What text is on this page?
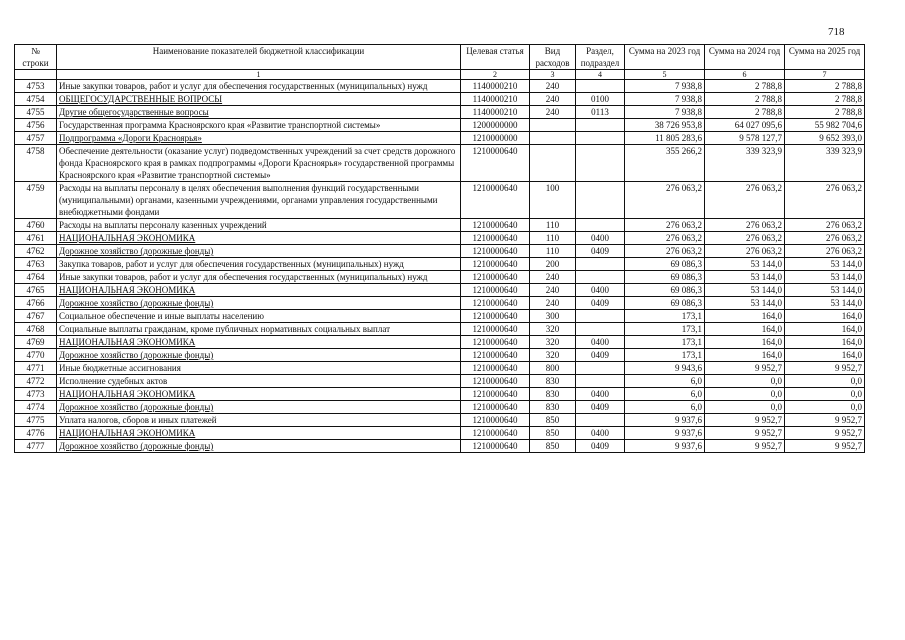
718
№ строки	Наименование показателей бюджетной классификации	Целевая статья	Вид расходов	Раздел, подраздел	Сумма на 2023 год	Сумма на 2024 год	Сумма на 2025 год
	1	2	3	4	5	6	7
4753	Иные закупки товаров, работ и услуг для обеспечения государственных (муниципальных) нужд	1140000210	240		7 938,8	2 788,8	2 788,8
4754	ОБЩЕГОСУДАРСТВЕННЫЕ ВОПРОСЫ	1140000210	240	0100	7 938,8	2 788,8	2 788,8
4755	Другие общегосударственные вопросы	1140000210	240	0113	7 938,8	2 788,8	2 788,8
4756	Государственная программа Красноярского края «Развитие транспортной системы»	1200000000			38 726 953,8	64 027 095,6	55 982 704,6
4757	Подпрограмма «Дороги Красноярья»	1210000000			11 805 283,6	9 578 127,7	9 652 393,0
4758	Обеспечение деятельности (оказание услуг) подведомственных учреждений за счет средств дорожного фонда Красноярского края в рамках подпрограммы «Дороги Красноярья» государственной программы Красноярского края «Развитие транспортной системы»	1210000640			355 266,2	339 323,9	339 323,9
4759	Расходы на выплаты персоналу в целях обеспечения выполнения функций государственными (муниципальными) органами, казенными учреждениями, органами управления государственными внебюджетными фондами	1210000640	100		276 063,2	276 063,2	276 063,2
4760	Расходы на выплаты персоналу казенных учреждений	1210000640	110		276 063,2	276 063,2	276 063,2
4761	НАЦИОНАЛЬНАЯ ЭКОНОМИКА	1210000640	110	0400	276 063,2	276 063,2	276 063,2
4762	Дорожное хозяйство (дорожные фонды)	1210000640	110	0409	276 063,2	276 063,2	276 063,2
4763	Закупка товаров, работ и услуг для обеспечения государственных (муниципальных) нужд	1210000640	200		69 086,3	53 144,0	53 144,0
4764	Иные закупки товаров, работ и услуг для обеспечения государственных (муниципальных) нужд	1210000640	240		69 086,3	53 144,0	53 144,0
4765	НАЦИОНАЛЬНАЯ ЭКОНОМИКА	1210000640	240	0400	69 086,3	53 144,0	53 144,0
4766	Дорожное хозяйство (дорожные фонды)	1210000640	240	0409	69 086,3	53 144,0	53 144,0
4767	Социальное обеспечение и иные выплаты населению	1210000640	300		173,1	164,0	164,0
4768	Социальные выплаты гражданам, кроме публичных нормативных социальных выплат	1210000640	320		173,1	164,0	164,0
4769	НАЦИОНАЛЬНАЯ ЭКОНОМИКА	1210000640	320	0400	173,1	164,0	164,0
4770	Дорожное хозяйство (дорожные фонды)	1210000640	320	0409	173,1	164,0	164,0
4771	Иные бюджетные ассигнования	1210000640	800		9 943,6	9 952,7	9 952,7
4772	Исполнение судебных актов	1210000640	830		6,0	0,0	0,0
4773	НАЦИОНАЛЬНАЯ ЭКОНОМИКА	1210000640	830	0400	6,0	0,0	0,0
4774	Дорожное хозяйство (дорожные фонды)	1210000640	830	0409	6,0	0,0	0,0
4775	Уплата налогов, сборов и иных платежей	1210000640	850		9 937,6	9 952,7	9 952,7
4776	НАЦИОНАЛЬНАЯ ЭКОНОМИКА	1210000640	850	0400	9 937,6	9 952,7	9 952,7
4777	Дорожное хозяйство (дорожные фонды)	1210000640	850	0409	9 937,6	9 952,7	9 952,7
